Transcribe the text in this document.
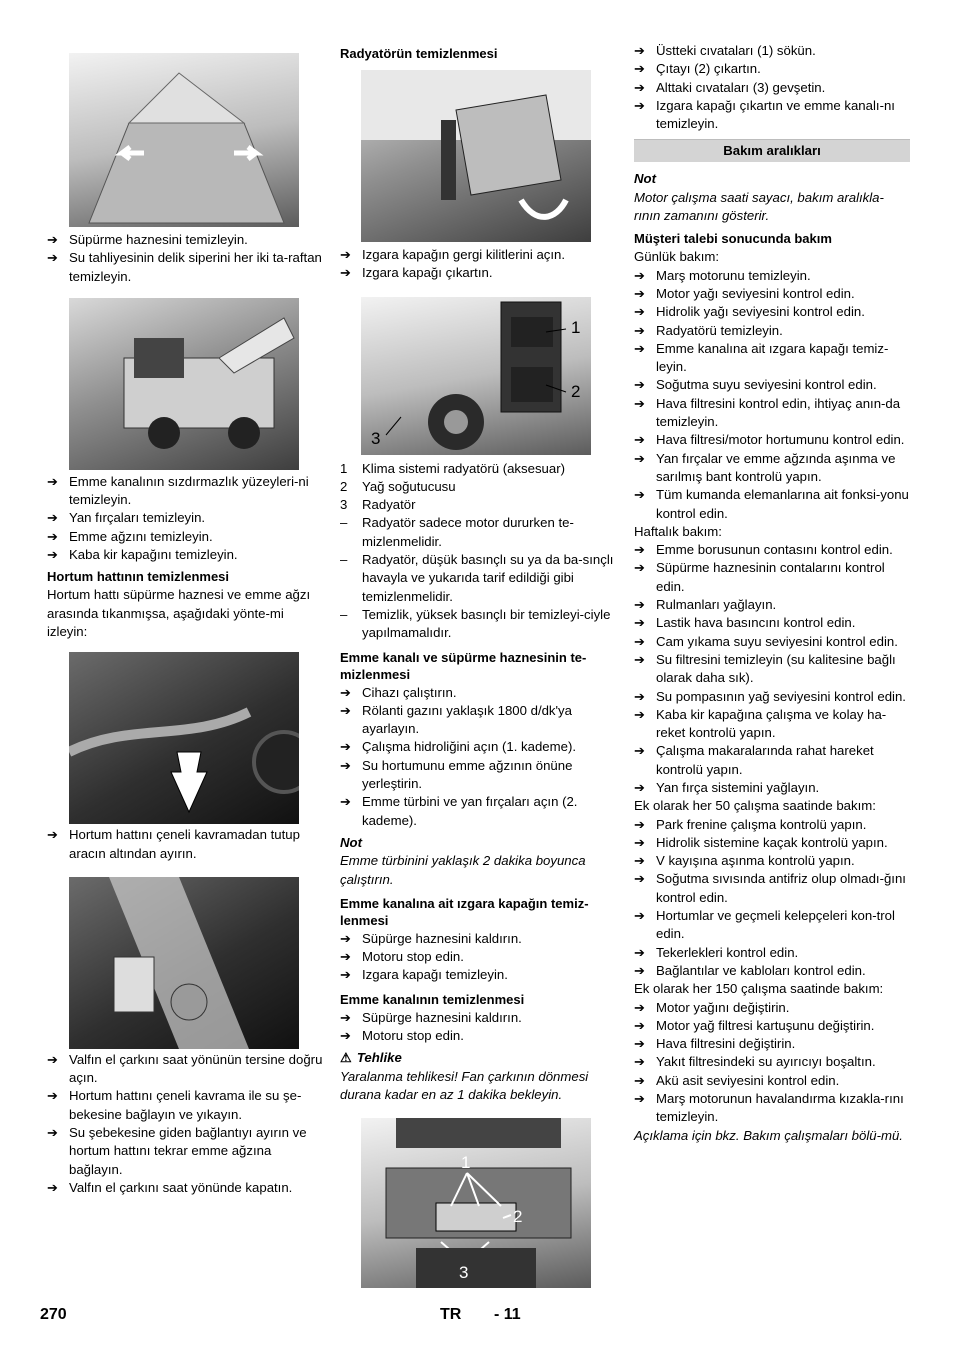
➔ Süpürme haznesini temizleyin.
➔ Su tahliyesinin delik siperini her iki ta-raftan temizleyin.
➔ Emme kanalının sızdırmazlık yüzeyleri-ni temizleyin.
➔ Yan fırçaları temizleyin.
➔ Emme ağzını temizleyin.
➔ Kaba kir kapağını temizleyin.
Hortum hattının temizlenmesi
Hortum hattı süpürme haznesi ve emme ağzı arasında tıkanmışsa, aşağıdaki yönte-mi izleyin:
➔ Hortum hattını çeneli kavramadan tutup aracın altından ayırın.
➔ Valfın el çarkını saat yönünün tersine doğru açın.
➔ Hortum hattını çeneli kavrama ile su şe-bekesine bağlayın ve yıkayın.
➔ Su şebekesine giden bağlantıyı ayırın ve hortum hattını tekrar emme ağzına bağlayın.
➔ Valfın el çarkını saat yönünde kapatın.
Radyatörün temizlenmesi
➔ Izgara kapağın gergi kilitlerini açın.
➔ Izgara kapağı çıkartın.
1
2
3
1	Klima sistemi radyatörü (aksesuar)
2	Yağ soğutucusu
3	Radyatör
–	Radyatör sadece motor dururken te-mizlenmelidir.
–	Radyatör, düşük basınçlı su ya da ba-sınçlı havayla ve yukarıda tarif edildiği gibi temizlenmelidir.
–	Temizlik, yüksek basınçlı bir temizleyi-ciyle yapılmamalıdır.
Emme kanalı ve süpürme haznesinin te-mizlenmesi
➔ Cihazı çalıştırın.
➔ Rölanti gazını yaklaşık 1800 d/dk'ya ayarlayın.
➔ Çalışma hidroliğini açın (1. kademe).
➔ Su hortumunu emme ağzının önüne yerleştirin.
➔ Emme türbini ve yan fırçaları açın (2. kademe).
Not
Emme türbinini yaklaşık 2 dakika boyunca çalıştırın.
Emme kanalına ait ızgara kapağın temiz-lenmesi
➔ Süpürge haznesini kaldırın.
➔ Motoru stop edin.
➔ Izgara kapağı temizleyin.
Emme kanalının temizlenmesi
➔ Süpürge haznesini kaldırın.
➔ Motoru stop edin.
⚠ Tehlike
Yaralanma tehlikesi! Fan çarkının dönmesi durana kadar en az 1 dakika bekleyin.
1
2
3
➔ Üstteki cıvataları (1) sökün.
➔ Çıtayı (2) çıkartın.
➔ Alttaki cıvataları (3) gevşetin.
➔ Izgara kapağı çıkartın ve emme kanalı-nı temizleyin.
Bakım aralıkları
Not
Motor çalışma saati sayacı, bakım aralıkla-rının zamanını gösterir.
Müşteri talebi sonucunda bakım
Günlük bakım:
➔ Marş motorunu temizleyin.
➔ Motor yağı seviyesini kontrol edin.
➔ Hidrolik yağı seviyesini kontrol edin.
➔ Radyatörü temizleyin.
➔ Emme kanalına ait ızgara kapağı temiz-leyin.
➔ Soğutma suyu seviyesini kontrol edin.
➔ Hava filtresini kontrol edin, ihtiyaç anın-da temizleyin.
➔ Hava filtresi/motor hortumunu kontrol edin.
➔ Yan fırçalar ve emme ağzında aşınma ve sarılmış bant kontrolü yapın.
➔ Tüm kumanda elemanlarına ait fonksi-yonu kontrol edin.
Haftalık bakım:
➔ Emme borusunun contasını kontrol edin.
➔ Süpürme haznesinin contalarını kontrol edin.
➔ Rulmanları yağlayın.
➔ Lastik hava basıncını kontrol edin.
➔ Cam yıkama suyu seviyesini kontrol edin.
➔ Su filtresini temizleyin (su kalitesine bağlı olarak daha sık).
➔ Su pompasının yağ seviyesini kontrol edin.
➔ Kaba kir kapağına çalışma ve kolay ha-reket kontrolü yapın.
➔ Çalışma makaralarında rahat hareket kontrolü yapın.
➔ Yan fırça sistemini yağlayın.
Ek olarak her 50 çalışma saatinde bakım:
➔ Park frenine çalışma kontrolü yapın.
➔ Hidrolik sistemine kaçak kontrolü yapın.
➔ V kayışına aşınma kontrolü yapın.
➔ Soğutma sıvısında antifriz olup olmadı-ğını kontrol edin.
➔ Hortumlar ve geçmeli kelepçeleri kon-trol edin.
➔ Tekerlekleri kontrol edin.
➔ Bağlantılar ve kabloları kontrol edin.
Ek olarak her 150 çalışma saatinde bakım:
➔ Motor yağını değiştirin.
➔ Motor yağ filtresi kartuşunu değiştirin.
➔ Hava filtresini değiştirin.
➔ Yakıt filtresindeki su ayırıcıyı boşaltın.
➔ Akü asit seviyesini kontrol edin.
➔ Marş motorunun havalandırma kızakla-rını temizleyin.
Açıklama için bkz. Bakım çalışmaları bölü-mü.
270	TR - 11
